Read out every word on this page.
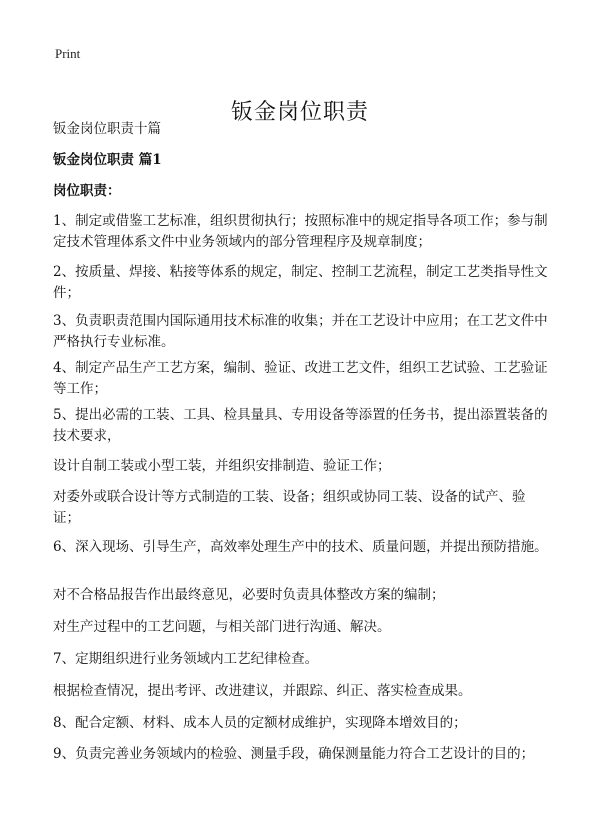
Print
钣金岗位职责

钣金岗位职责十篇

钣金岗位职责 篇1

岗位职责：

1、制定或借鉴工艺标准，组织贯彻执行；按照标准中的规定指导各项工作；参与制定技术管理体系文件中业务领域内的部分管理程序及规章制度；

2、按质量、焊接、粘接等体系的规定，制定、控制工艺流程，制定工艺类指导性文件；

3、负责职责范围内国际通用技术标准的收集；并在工艺设计中应用；在工艺文件中严格执行专业标准。

4、制定产品生产工艺方案，编制、验证、改进工艺文件，组织工艺试验、工艺验证等工作；

5、提出必需的工装、工具、检具量具、专用设备等添置的任务书，提出添置装备的技术要求，

设计自制工装或小型工装，并组织安排制造、验证工作；

对委外或联合设计等方式制造的工装、设备；组织或协同工装、设备的试产、验证；

6、深入现场、引导生产，高效率处理生产中的技术、质量问题，并提出预防措施。

对不合格品报告作出最终意见，必要时负责具体整改方案的编制；

对生产过程中的工艺问题，与相关部门进行沟通、解决。

7、定期组织进行业务领域内工艺纪律检查。

根据检查情况，提出考评、改进建议，并跟踪、纠正、落实检查成果。

8、配合定额、材料、成本人员的定额材成维护，实现降本增效目的；

9、负责完善业务领域内的检验、测量手段，确保测量能力符合工艺设计的目的；
